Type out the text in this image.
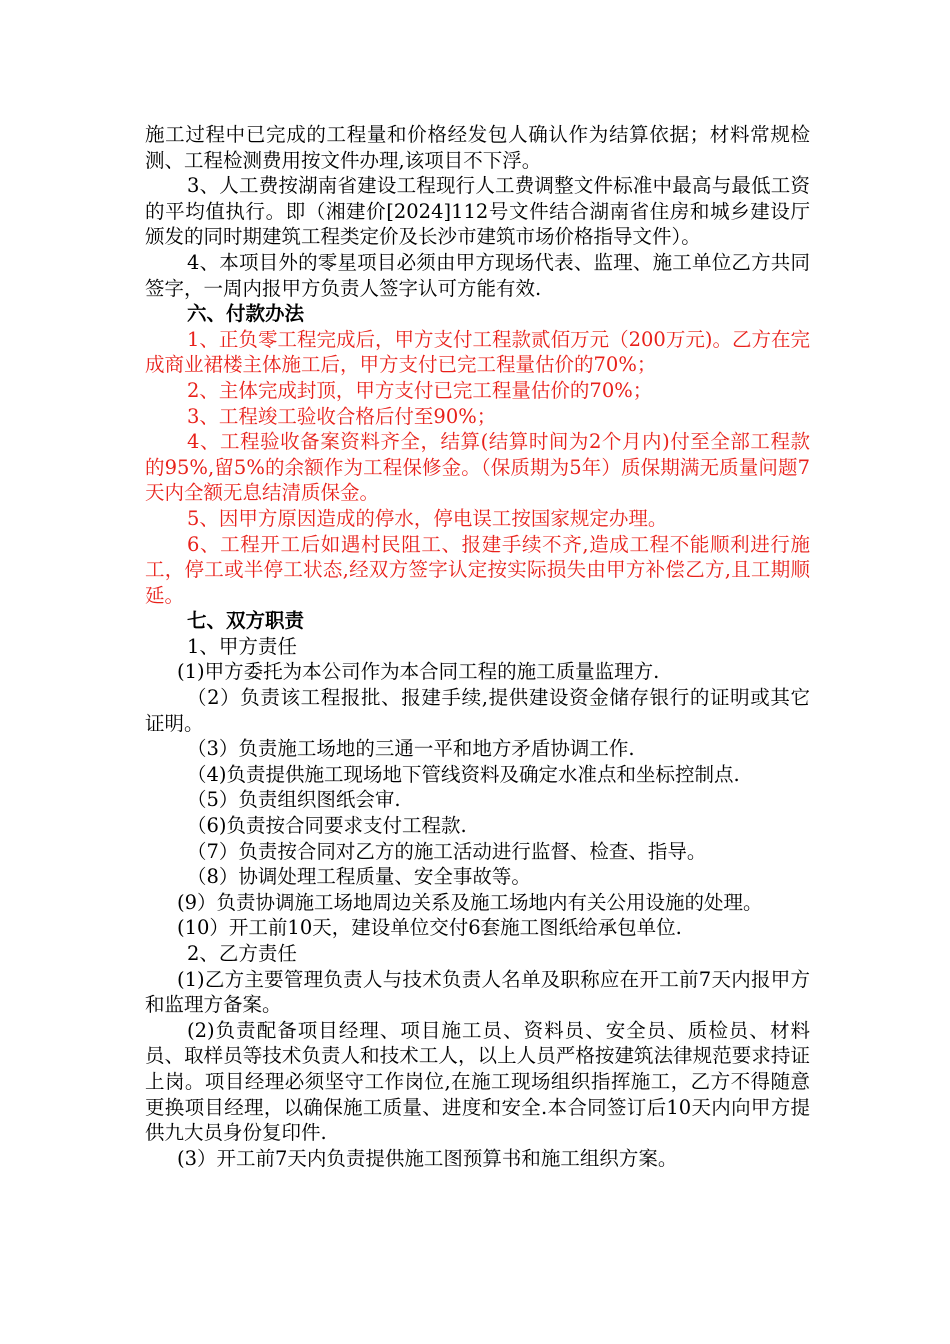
施工过程中已完成的工程量和价格经发包人确认作为结算依据；材料常规检测、工程检测费用按文件办理,该项目不下浮。

3、人工费按湖南省建设工程现行人工费调整文件标准中最高与最低工资的平均值执行。即（湘建价[2024]112号文件结合湖南省住房和城乡建设厅颁发的同时期建筑工程类定价及长沙市建筑市场价格指导文件）。

4、本项目外的零星项目必须由甲方现场代表、监理、施工单位乙方共同签字，一周内报甲方负责人签字认可方能有效.

六、付款办法

1、正负零工程完成后，甲方支付工程款贰佰万元（200万元)。乙方在完成商业裙楼主体施工后，甲方支付已完工程量估价的70%；

2、主体完成封顶，甲方支付已完工程量估价的70%；

3、工程竣工验收合格后付至90%；

4、工程验收备案资料齐全，结算(结算时间为2个月内)付至全部工程款的95%,留5%的余额作为工程保修金。（保质期为5年）质保期满无质量问题7天内全额无息结清质保金。

5、因甲方原因造成的停水，停电误工按国家规定办理。

6、工程开工后如遇村民阻工、报建手续不齐,造成工程不能顺利进行施工，停工或半停工状态,经双方签字认定按实际损失由甲方补偿乙方,且工期顺延。

七、双方职责

1、甲方责任

(1)甲方委托为本公司作为本合同工程的施工质量监理方.

（2）负责该工程报批、报建手续,提供建设资金储存银行的证明或其它证明。

（3）负责施工场地的三通一平和地方矛盾协调工作.

（4)负责提供施工现场地下管线资料及确定水准点和坐标控制点.

（5）负责组织图纸会审.

（6)负责按合同要求支付工程款.

（7）负责按合同对乙方的施工活动进行监督、检查、指导。

（8）协调处理工程质量、安全事故等。

(9）负责协调施工场地周边关系及施工场地内有关公用设施的处理。

(10）开工前10天，建设单位交付6套施工图纸给承包单位.

2、乙方责任

(1)乙方主要管理负责人与技术负责人名单及职称应在开工前7天内报甲方和监理方备案。

(2)负责配备项目经理、项目施工员、资料员、安全员、质检员、材料员、取样员等技术负责人和技术工人，以上人员严格按建筑法律规范要求持证上岗。项目经理必须坚守工作岗位,在施工现场组织指挥施工，乙方不得随意更换项目经理，以确保施工质量、进度和安全.本合同签订后10天内向甲方提供九大员身份复印件.

(3）开工前7天内负责提供施工图预算书和施工组织方案。
